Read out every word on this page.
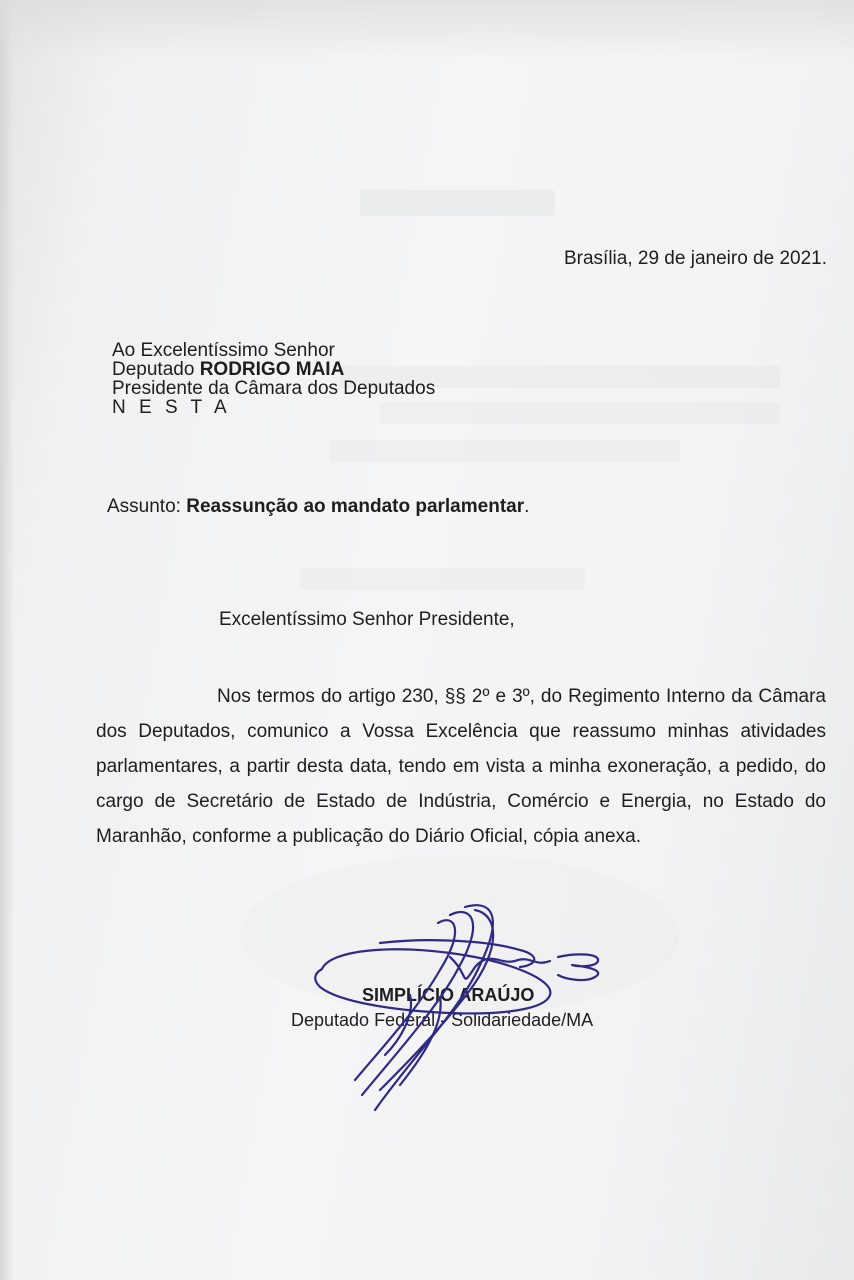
Brasília, 29 de janeiro de 2021.
Ao Excelentíssimo Senhor
Deputado RODRIGO MAIA
Presidente da Câmara dos Deputados
N E S T A
Assunto: Reassunção ao mandato parlamentar.
Excelentíssimo Senhor Presidente,
Nos termos do artigo 230, §§ 2º e 3º, do Regimento Interno da Câmara dos Deputados, comunico a Vossa Excelência que reassumo minhas atividades parlamentares, a partir desta data, tendo em vista a minha exoneração, a pedido, do cargo de Secretário de Estado de Indústria, Comércio e Energia, no Estado do Maranhão, conforme a publicação do Diário Oficial, cópia anexa.
SIMPLÍCIO ARAÚJO
Deputado Federal - Solidariedade/MA
